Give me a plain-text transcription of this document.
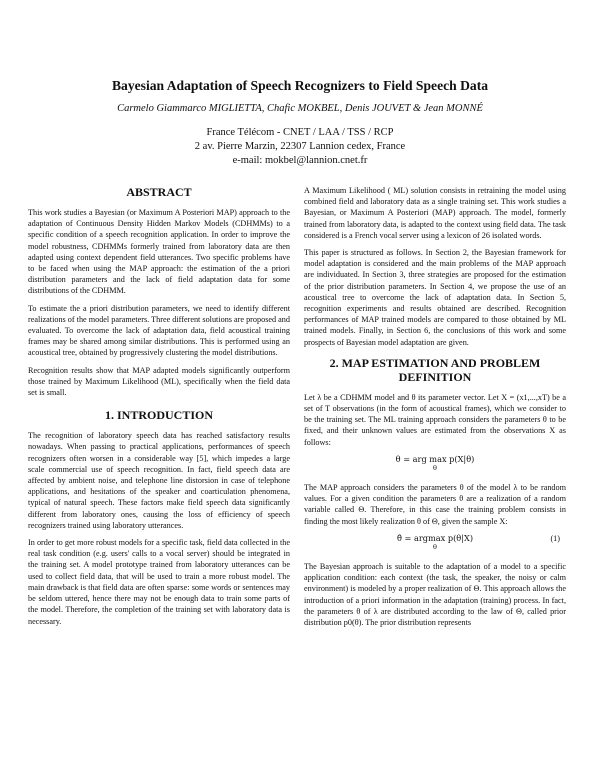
Bayesian Adaptation of Speech Recognizers to Field Speech Data
Carmelo Giammarco MIGLIETTA, Chafic MOKBEL, Denis JOUVET & Jean MONNÉ
France Télécom - CNET / LAA / TSS / RCP
2 av. Pierre Marzin, 22307 Lannion cedex, France
e-mail: mokbel@lannion.cnet.fr
ABSTRACT

This work studies a Bayesian (or Maximum A Posteriori MAP) approach to the adaptation of Continuous Density Hidden Markov Models (CDHMMs) to a specific condition of a speech recognition application. In order to improve the model robustness, CDHMMs formerly trained from laboratory data are then adapted using context dependent field utterances. Two specific problems have to be faced when using the MAP approach: the estimation of the a priori distribution parameters and the lack of field adaptation data for some distributions of the CDHMM.

To estimate the a priori distribution parameters, we need to identify different realizations of the model parameters. Three different solutions are proposed and evaluated. To overcome the lack of adaptation data, field acoustical training frames may be shared among similar distributions. This is performed using an acoustical tree, obtained by progressively clustering the model distributions.

Recognition results show that MAP adapted models significantly outperform those trained by Maximum Likelihood (ML), specifically when the field data set is small.

1. INTRODUCTION

The recognition of laboratory speech data has reached satisfactory results nowadays. When passing to practical applications, performances of speech recognizers often worsen in a considerable way [5], which impedes a large scale commercial use of speech recognition. In fact, field speech data are affected by ambient noise, and telephone line distorsion in case of telephone applications, and hesitations of the speaker and coarticulation phenomena, typical of natural speech. These factors make field speech data significantly different from laboratory ones, causing the loss of efficiency of speech recognizers trained using laboratory utterances.

In order to get more robust models for a specific task, field data collected in the real task condition (e.g. users' calls to a vocal server) should be integrated in the training set. A model prototype trained from laboratory utterances can be used to collect field data, that will be used to train a more robust model. The main drawback is that field data are often sparse: some words or sentences may be seldom uttered, hence there may not be enough data to train some parts of the model. Therefore, the completion of the training set with laboratory data is necessary.

A Maximum Likelihood ( ML) solution consists in retraining the model using combined field and laboratory data as a single training set. This work studies a Bayesian, or Maximum A Posteriori (MAP) approach. The model, formerly trained from laboratory data, is adapted to the context using field data. The task considered is a French vocal server using a lexicon of 26 isolated words.

This paper is structured as follows. In Section 2, the Bayesian framework for model adaptation is considered and the main problems of the MAP approach are individuated. In Section 3, three strategies are proposed for the estimation of the prior distribution parameters. In Section 4, we propose the use of an acoustical tree to overcome the lack of adaptation data. In Section 5, recognition experiments and results obtained are described. Recognition performances of MAP trained models are compared to those obtained by ML trained models. Finally, in Section 6, the conclusions of this work and some prospects of Bayesian model adaptation are given.

2. MAP ESTIMATION AND PROBLEM DEFINITION

Let λ be a CDHMM model and θ its parameter vector. Let X = (x1,...,xT) be a set of T observations (in the form of acoustical frames), which we consider to be the training set. The ML training approach considers the parameters θ to be fixed, and their unknown values are estimated from the observations X as follows:

θ = arg max p(X|θ)
θ

The MAP approach considers the parameters θ of the model λ to be random values. For a given condition the parameters θ are a realization of a random variable called Θ. Therefore, in this case the training problem consists in finding the most likely realization θ of Θ, given the sample X:

θ̂ = argmax p(θ|X)
θ
(1)

The Bayesian approach is suitable to the adaptation of a model to a specific application condition: each context (the task, the speaker, the noisy or calm environment) is modeled by a proper realization of Θ. This approach allows the introduction of a priori information in the adaptation (training) process. In fact, the parameters θ of λ are distributed according to the law of Θ, called prior distribution p0(θ). The prior distribution represents
